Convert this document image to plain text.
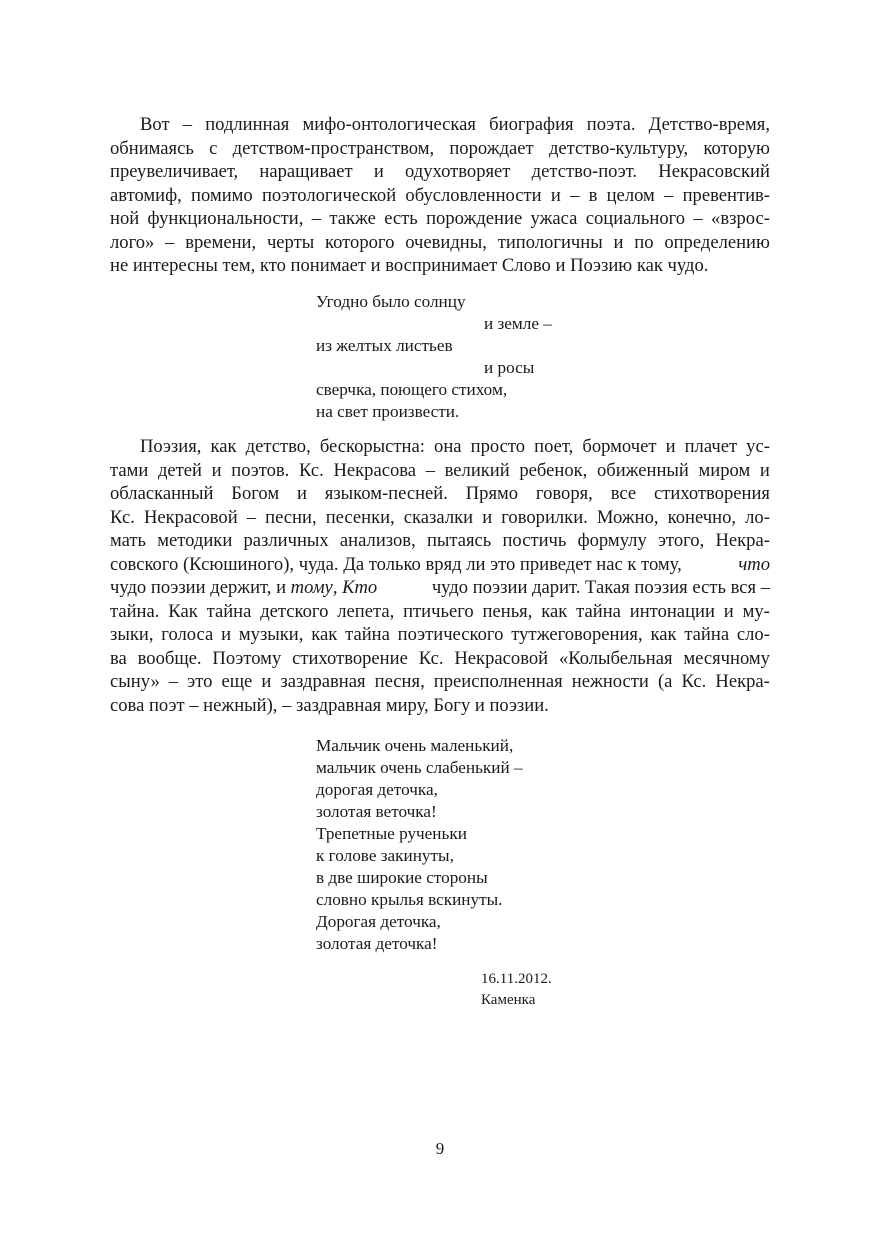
Вот – подлинная мифо-онтологическая биография поэта. Детство-время,
обнимаясь с детством-пространством, порождает детство-культуру, которую
преувеличивает, наращивает и одухотворяет детство-поэт. Некрасовский
автомиф, помимо поэтологической обусловленности и – в целом – превентив-
ной функциональности, – также есть порождение ужаса социального – «взрос-
лого» – времени, черты которого очевидны, типологичны и по определению
не интересны тем, кто понимает и воспринимает Слово и Поэзию как чудо.
Угодно было солнцу
и земле –
из желтых листьев
и росы
сверчка, поющего стихом,
на свет произвести.
Поэзия, как детство, бескорыстна: она просто поет, бормочет и плачет ус-
тами детей и поэтов. Кс. Некрасова – великий ребенок, обиженный миром и
обласканный Богом и языком-песней. Прямо говоря, все стихотворения
Кс. Некрасовой – песни, песенки, сказалки и говорилки. Можно, конечно, ло-
мать методики различных анализов, пытаясь постичь формулу этого, Некра-
совского (Ксюшиного), чуда. Да только вряд ли это приведет нас к тому,	что
чудо поэзии держит, и тому, Кто	чудо поэзии дарит. Такая поэзия есть вся –
тайна. Как тайна детского лепета, птичьего пенья, как тайна интонации и му-
зыки, голоса и музыки, как тайна поэтического тутжеговорения, как тайна сло-
ва вообще. Поэтому стихотворение Кс. Некрасовой «Колыбельная месячному
сыну» – это еще и заздравная песня, преисполненная нежности (а Кс. Некра-
сова поэт – нежный), – заздравная миру, Богу и поэзии.
Мальчик очень маленький,
мальчик очень слабенький –
дорогая деточка,
золотая веточка!
Трепетные рученьки
к голове закинуты,
в две широкие стороны
словно крылья вскинуты.
Дорогая деточка,
золотая деточка!
16.11.2012.
Каменка
9
